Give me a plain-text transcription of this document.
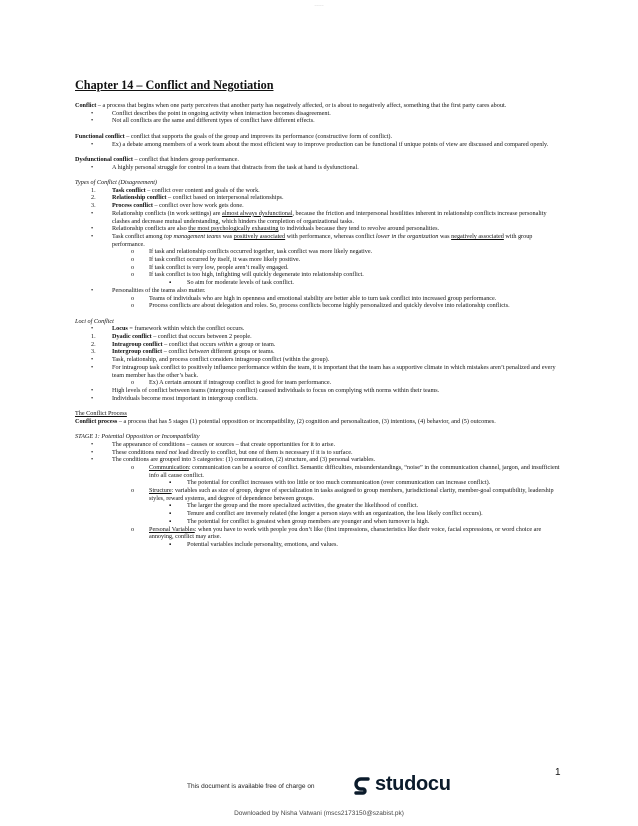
~~~~
Chapter 14 – Conflict and Negotiation

Conflict – a process that begins when one party perceives that another party has negatively affected, or is about to negatively affect, something that the first party cares about.

•
Conflict describes the point in ongoing activity when interaction becomes disagreement.
•
Not all conflicts are the same and different types of conflict have different effects.

Functional conflict – conflict that supports the goals of the group and improves its performance (constructive form of conflict).

•
Ex) a debate among members of a work team about the most efficient way to improve production can be functional if unique points of view are discussed and compared openly.

Dysfunctional conflict – conflict that hinders group performance.

•
A highly personal struggle for control in a team that distracts from the task at hand is dysfunctional.

Types of Conflict (Disagreement)

1.	Task conflict – conflict over content and goals of the work.
2.	Relationship conflict – conflict based on interpersonal relationships.
3.	Process conflict – conflict over how work gets done.
•
Relationship conflicts (in work settings) are almost always dysfunctional, because the friction and interpersonal hostilities inherent in relationship conflicts increase personality clashes and decrease mutual understanding, which hinders the completion of organizational tasks.
•
Relationship conflicts are also the most psychologically exhausting to individuals because they tend to revolve around personalities.
•
Task conflict among top management teams was positively associated with performance, whereas conflict lower in the organization was negatively associated with group performance.
o
If task and relationship conflicts occurred together, task conflict was more likely negative.
o
If task conflict occurred by itself, it was more likely positive.
o
If task conflict is very low, people aren’t really engaged.
o
If task conflict is too high, infighting will quickly degenerate into relationship conflict.
▪
So aim for moderate levels of task conflict.
•
Personalities of the teams also matter.
o
Teams of individuals who are high in openness and emotional stability are better able to turn task conflict into increased group performance.
o
Process conflicts are about delegation and roles. So, process conflicts become highly personalized and quickly devolve into relationship conflicts.

Loci of Conflict

•
Locus = framework within which the conflict occurs.
1.	Dyadic conflict – conflict that occurs between 2 people.
2.	Intragroup conflict – conflict that occurs within a group or team.
3.	Intergroup conflict – conflict between different groups or teams.
•
Task, relationship, and process conflict considers intragroup conflict (within the group).
•
For intragroup task conflict to positively influence performance within the team, it is important that the team has a supportive climate in which mistakes aren’t penalized and every team member has the other’s back.
o
Ex) A certain amount if intragroup conflict is good for team performance.
•
High levels of conflict between teams (intergroup conflict) caused individuals to focus on complying with norms within their teams.
•
Individuals become most important in intergroup conflicts.

The Conflict Process

Conflict process – a process that has 5 stages (1) potential opposition or incompatibility, (2) cognition and personalization, (3) intentions, (4) behavior, and (5) outcomes.

STAGE 1: Potential Opposition or Incompatibility

•
The appearance of conditions – causes or sources – that create opportunities for it to arise.
•
These conditions need not lead directly to conflict, but one of them is necessary if it is to surface.
•
The conditions are grouped into 3 categories: (1) communication, (2) structure, and (3) personal variables.
o
Communication: communication can be a source of conflict. Semantic difficulties, misunderstandings, “noise” in the communication channel, jargon, and insufficient info all cause conflict.
▪
The potential for conflict increases with too little or too much communication (over communication can increase conflict).
o
Structure: variables such as size of group, degree of specialization in tasks assigned to group members, jurisdictional clarity, member-goal compatibility, leadership styles, reward systems, and degree of dependence between groups.
▪
The larger the group and the more specialized activities, the greater the likelihood of conflict.
▪
Tenure and conflict are inversely related (the longer a person stays with an organization, the less likely conflict occurs).
▪
The potential for conflict is greatest when group members are younger and when turnover is high.
o
Personal Variables: when you have to work with people you don’t like (first impressions, characteristics like their voice, facial expressions, or word choice are annoying, conflict may arise.
▪
Potential variables include personality, emotions, and values.
1
This document is available free of charge on	studocu
Downloaded by Nisha Vatwani (mscs2173150@szabist.pk)
